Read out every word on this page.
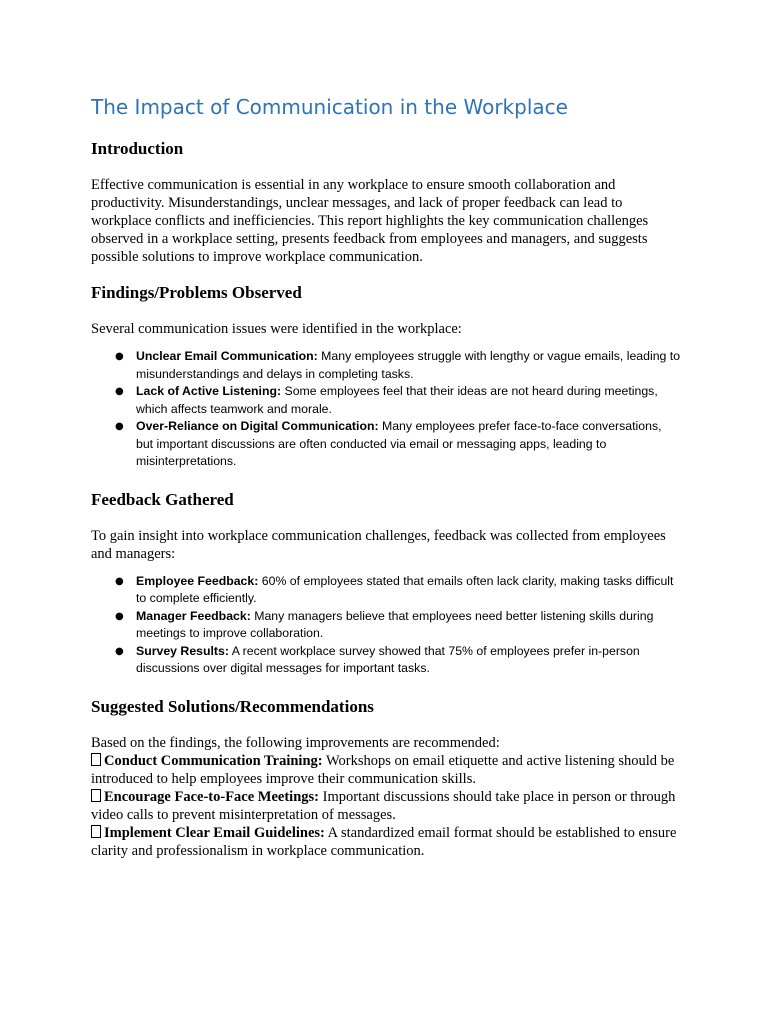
The Impact of Communication in the Workplace
Introduction

Effective communication is essential in any workplace to ensure smooth collaboration and productivity. Misunderstandings, unclear messages, and lack of proper feedback can lead to workplace conflicts and inefficiencies. This report highlights the key communication challenges observed in a workplace setting, presents feedback from employees and managers, and suggests possible solutions to improve workplace communication.

Findings/Problems Observed

Several communication issues were identified in the workplace:

● Unclear Email Communication: Many employees struggle with lengthy or vague emails, leading to misunderstandings and delays in completing tasks.
● Lack of Active Listening: Some employees feel that their ideas are not heard during meetings, which affects teamwork and morale.
● Over-Reliance on Digital Communication: Many employees prefer face-to-face conversations, but important discussions are often conducted via email or messaging apps, leading to misinterpretations.
Feedback Gathered

To gain insight into workplace communication challenges, feedback was collected from employees and managers:

● Employee Feedback: 60% of employees stated that emails often lack clarity, making tasks difficult to complete efficiently.
● Manager Feedback: Many managers believe that employees need better listening skills during meetings to improve collaboration.
● Survey Results: A recent workplace survey showed that 75% of employees prefer in-person discussions over digital messages for important tasks.
Suggested Solutions/Recommendations

Based on the findings, the following improvements are recommended:

Conduct Communication Training: Workshops on email etiquette and active listening should be introduced to help employees improve their communication skills.

Encourage Face-to-Face Meetings: Important discussions should take place in person or through video calls to prevent misinterpretation of messages.

Implement Clear Email Guidelines: A standardized email format should be established to ensure clarity and professionalism in workplace communication.
